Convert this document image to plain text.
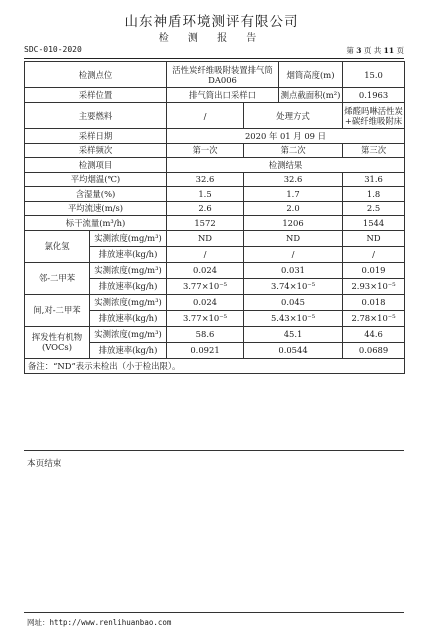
山东神盾环境测评有限公司
检 测 报 告
SDC-010-2020	第 3 页 共 11 页
检测点位		活性炭纤维吸附装置排气筒 DA006		烟筒高度(m)	15.0
采样位置		排气筒出口采样口		测点截面积(m²)	0.1963
主要燃料		/	处理方式		烯醛吗啉活性炭+碳纤维吸附床
采样日期		2020 年 01 月 09 日			
采样频次		第一次	第二次		第三次
检测项目		检测结果			
平均烟温(℃)		32.6	32.6		31.6
含湿量(%)		1.5	1.7		1.8
平均流速(m/s)		2.6	2.0		2.5
标干流量(m³/h)		1572	1206		1544
氯化氢	实测浓度(mg/m³)	ND	ND		ND
	排放速率(kg/h)	/	/		/
邻-二甲苯	实测浓度(mg/m³)	0.024	0.031		0.019
	排放速率(kg/h)	3.77×10⁻⁵	3.74×10⁻⁵		2.93×10⁻⁵
间,对-二甲苯	实测浓度(mg/m³)	0.024	0.045		0.018
	排放速率(kg/h)	3.77×10⁻⁵	5.43×10⁻⁵		2.78×10⁻⁵
挥发性有机物(VOCs)	实测浓度(mg/m³)	58.6	45.1		44.6
	排放速率(kg/h)	0.0921	0.0544		0.0689
备注：“ND”表示未检出（小于检出限）。					
本页结束
网址：http://www.renlihuanbao.com
